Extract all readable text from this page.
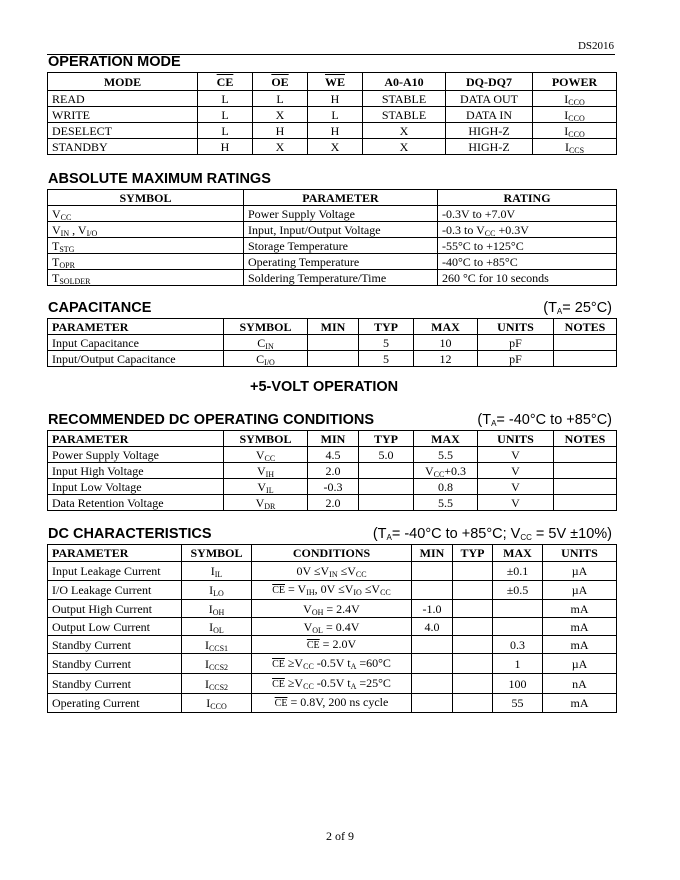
DS2016
OPERATION MODE
MODE	$\overline{CE}$	$\overline{OE}$	$\overline{WE}$	A0-A10	DQ-DQ7	POWER
READ	L	L	H	STABLE	DATA OUT	$I_{CCO}$
WRITE	L	X	L	STABLE	DATA IN	$I_{CCO}$
DESELECT	L	H	H	X	HIGH-Z	$I_{CCO}$
STANDBY	H	X	X	X	HIGH-Z	$I_{CCS}$
ABSOLUTE MAXIMUM RATINGS
SYMBOL	PARAMETER	RATING
$V_{CC}$	Power Supply Voltage	-0.3V to +7.0V
$V_{IN}$ , $V_{I/O}$	Input, Input/Output Voltage	-0.3 to $V_{CC} +0.3V$
$T_{STG}$	Storage Temperature	-55°C to +125°C
$T_{OPR}$	Operating Temperature	-40°C to +85°C
$T_{SOLDER}$	Soldering Temperature/Time	260 °C for 10 seconds
CAPACITANCE	$(T_A= 25^\circ C)$
PARAMETER	SYMBOL	MIN	TYP	MAX	UNITS	NOTES
Input Capacitance	$C_{IN}$		5	10	pF	
Input/Output Capacitance	$C_{I/O}$		5	12	pF	
+5-VOLT OPERATION
RECOMMENDED DC OPERATING CONDITIONS	($T_A= -40^\circ C$ to +85°C)
PARAMETER	SYMBOL	MIN	TYP	MAX	UNITS	NOTES
Power Supply Voltage	$V_{CC}$	4.5	5.0	5.5	V	
Input High Voltage	$V_{IH}$	2.0		$V_{CC}+0.3$	V	
Input Low Voltage	$V_{IL}$	-0.3		0.8	V	
Data Retention Voltage	$V_{DR}$	2.0		5.5	V	
DC CHARACTERISTICS	($T_A= -40^\circ C$ to +85°C; $V_{CC} = 5V \pm 10\%$)
PARAMETER	SYMBOL	CONDITIONS	MIN	TYP	MAX	UNITS
Input Leakage Current	$I_{IL}$	$0V \le V_{IN} \le V_{CC}$			±0.1	µA
I/O Leakage Current	$I_{LO}$	$\overline{CE} = V_{IH}$, $0V \le V_{IO} \le V_{CC}$			±0.5	µA
Output High Current	$I_{OH}$	$V_{OH} = 2.4V$	-1.0			mA
Output Low Current	$I_{OL}$	$V_{OL} = 0.4V$	4.0			mA
Standby Current	$I_{CCS1}$	$\overline{CE} = 2.0V$			0.3	mA
Standby Current	$I_{CCS2}$	$\overline{CE} \ge V_{CC}$ -0.5V $t_A =60^\circ C$			1	µA
Standby Current	$I_{CCS2}$	$\overline{CE} \ge V_{CC}$ -0.5V $t_A =25^\circ C$			100	nA
Operating Current	$I_{CCO}$	$\overline{CE} = 0.8V$, 200 ns cycle			55	mA
2 of 9
